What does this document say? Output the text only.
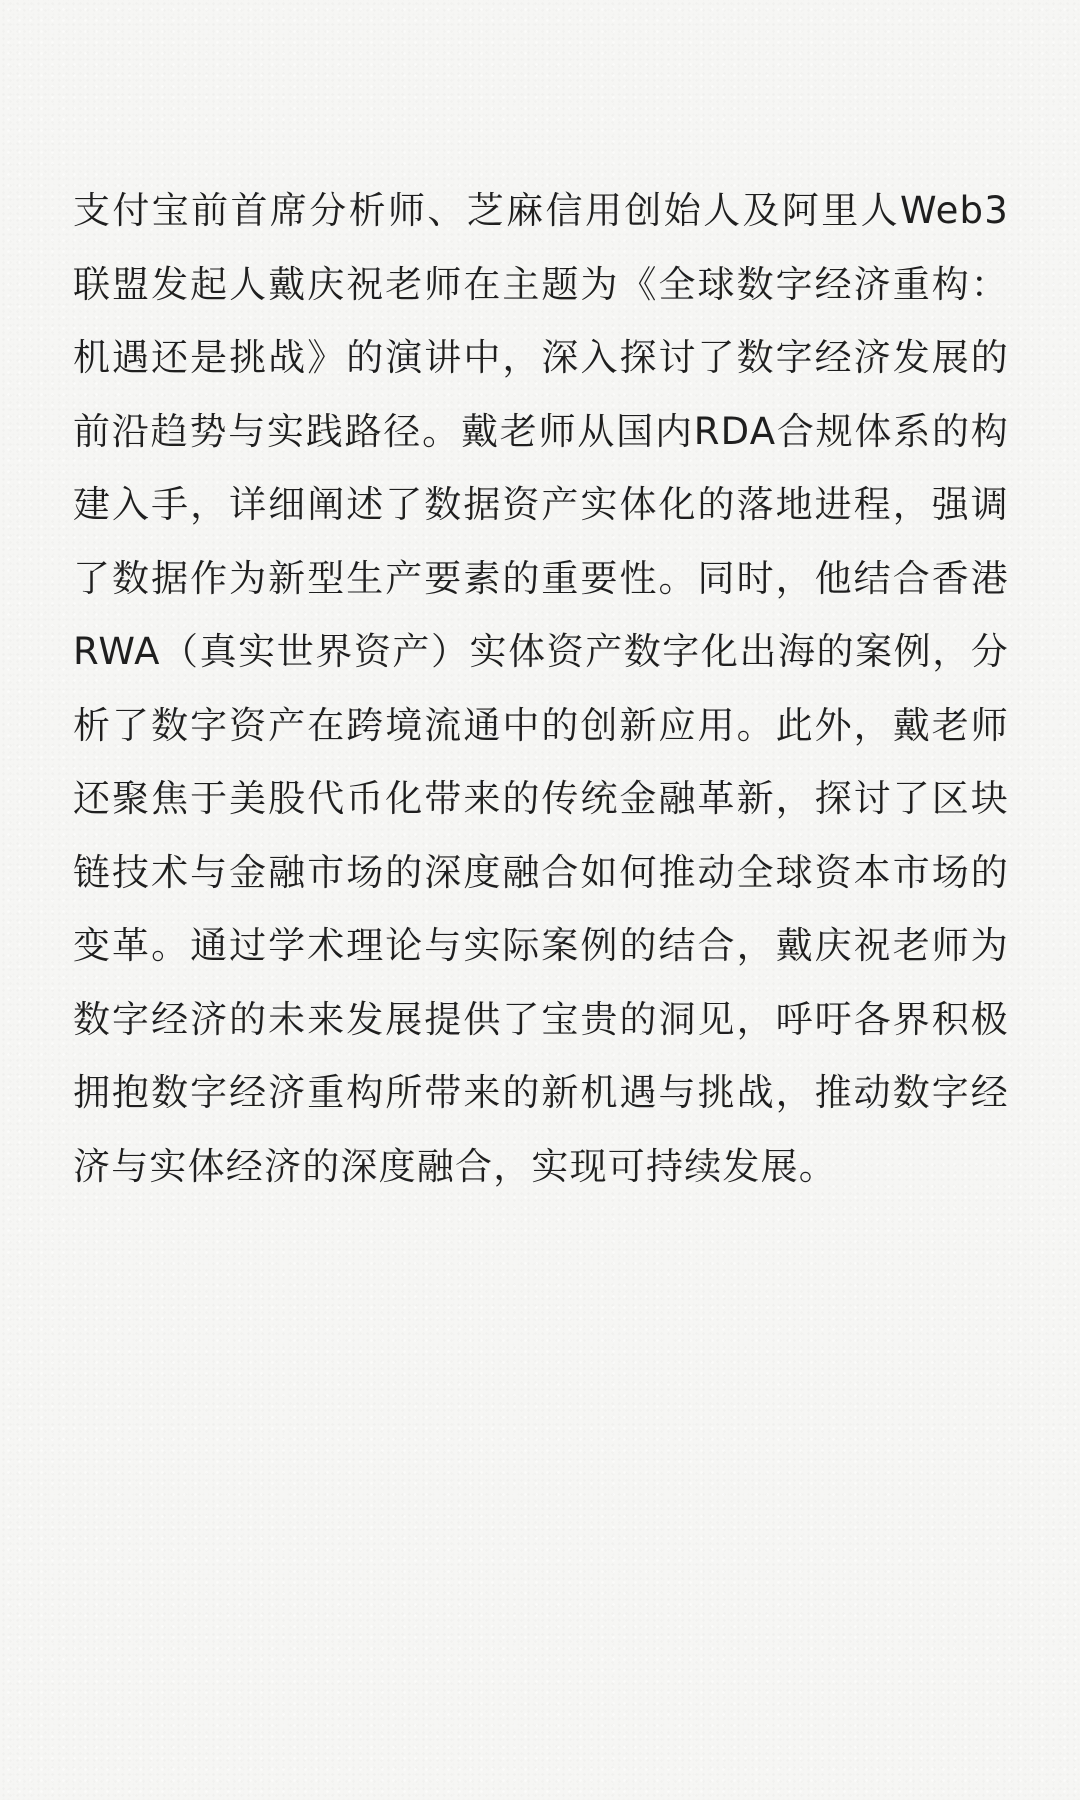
支付宝前首席分析师、芝麻信用创始人及阿里人Web3联盟发起人戴庆祝老师在主题为《全球数字经济重构：机遇还是挑战》的演讲中，深入探讨了数字经济发展的前沿趋势与实践路径。戴老师从国内RDA合规体系的构建入手，详细阐述了数据资产实体化的落地进程，强调了数据作为新型生产要素的重要性。同时，他结合香港RWA（真实世界资产）实体资产数字化出海的案例，分析了数字资产在跨境流通中的创新应用。此外，戴老师还聚焦于美股代币化带来的传统金融革新，探讨了区块链技术与金融市场的深度融合如何推动全球资本市场的变革。通过学术理论与实际案例的结合，戴庆祝老师为数字经济的未来发展提供了宝贵的洞见，呼吁各界积极拥抱数字经济重构所带来的新机遇与挑战，推动数字经济与实体经济的深度融合，实现可持续发展。
